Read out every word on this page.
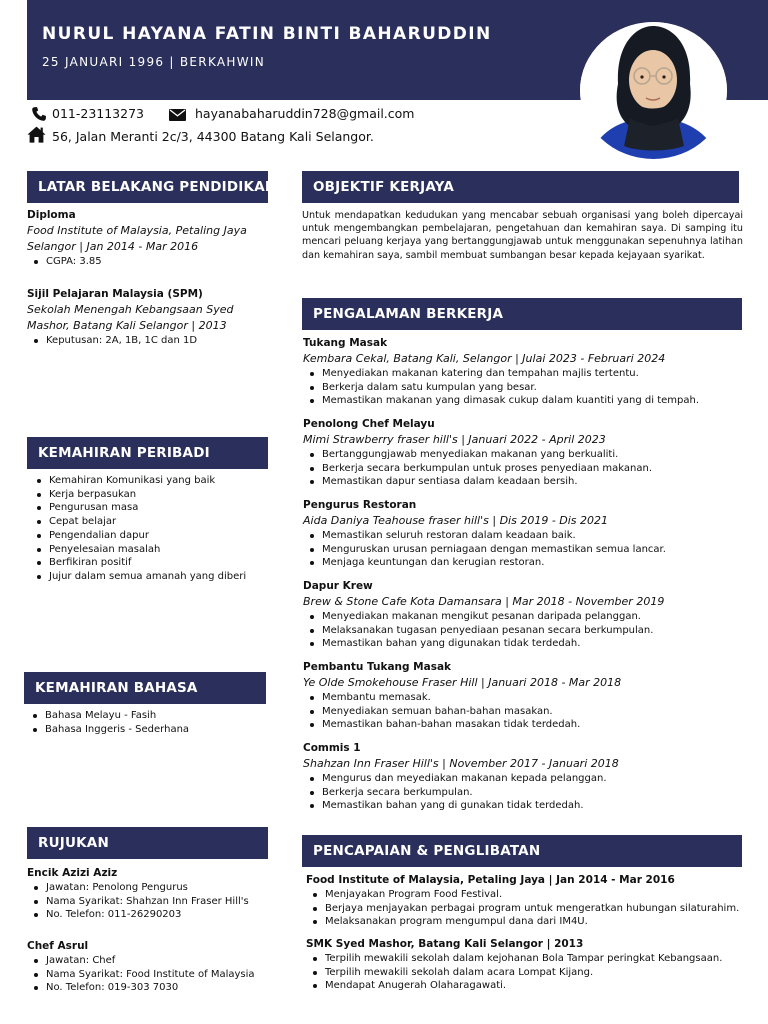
NURUL HAYANA FATIN BINTI BAHARUDDIN
25 JANUARI 1996 | BERKAHWIN
011-23113273	hayanabaharuddin728@gmail.com
56, Jalan Meranti 2c/3, 44300 Batang Kali Selangor.
LATAR BELAKANG PENDIDIKAN
Diploma
Food Institute of Malaysia, Petaling Jaya
Selangor | Jan 2014 - Mar 2016
CGPA: 3.85
Sijil Pelajaran Malaysia (SPM)
Sekolah Menengah Kebangsaan Syed
Mashor, Batang Kali Selangor | 2013
Keputusan: 2A, 1B, 1C dan 1D
KEMAHIRAN PERIBADI
Kemahiran Komunikasi yang baik
Kerja berpasukan
Pengurusan masa
Cepat belajar
Pengendalian dapur
Penyelesaian masalah
Berfikiran positif
Jujur dalam semua amanah yang diberi
KEMAHIRAN BAHASA
Bahasa Melayu - Fasih
Bahasa Inggeris - Sederhana
RUJUKAN
Encik Azizi Aziz
Jawatan: Penolong Pengurus
Nama Syarikat: Shahzan Inn Fraser Hill's
No. Telefon: 011-26290203
Chef Asrul
Jawatan: Chef
Nama Syarikat: Food Institute of Malaysia
No. Telefon: 019-303 7030
OBJEKTIF KERJAYA
Untuk mendapatkan kedudukan yang mencabar sebuah organisasi yang boleh dipercayai untuk mengembangkan pembelajaran, pengetahuan dan kemahiran saya. Di samping itu mencari peluang kerjaya yang bertanggungjawab untuk menggunakan sepenuhnya latihan dan kemahiran saya, sambil membuat sumbangan besar kepada kejayaan syarikat.
PENGALAMAN BERKERJA
Tukang Masak
Kembara Cekal, Batang Kali, Selangor | Julai 2023 - Februari 2024
Menyediakan makanan katering dan tempahan majlis tertentu.
Berkerja dalam satu kumpulan yang besar.
Memastikan makanan yang dimasak cukup dalam kuantiti yang di tempah.
Penolong Chef Melayu
Mimi Strawberry fraser hill's | Januari 2022 - April 2023
Bertanggungjawab menyediakan makanan yang berkualiti.
Berkerja secara berkumpulan untuk proses penyediaan makanan.
Memastikan dapur sentiasa dalam keadaan bersih.
Pengurus Restoran
Aida Daniya Teahouse fraser hill's | Dis 2019 - Dis 2021
Memastikan seluruh restoran dalam keadaan baik.
Menguruskan urusan perniagaan dengan memastikan semua lancar.
Menjaga keuntungan dan kerugian restoran.
Dapur Krew
Brew & Stone Cafe Kota Damansara | Mar 2018 - November 2019
Menyediakan makanan mengikut pesanan daripada pelanggan.
Melaksanakan tugasan penyediaan pesanan secara berkumpulan.
Memastikan bahan yang digunakan tidak terdedah.
Pembantu Tukang Masak
Ye Olde Smokehouse Fraser Hill | Januari 2018 - Mar 2018
Membantu memasak.
Menyediakan semuan bahan-bahan masakan.
Memastikan bahan-bahan masakan tidak terdedah.
Commis 1
Shahzan Inn Fraser Hill's | November 2017 - Januari 2018
Mengurus dan meyediakan makanan kepada pelanggan.
Berkerja secara berkumpulan.
Memastikan bahan yang di gunakan tidak terdedah.
PENCAPAIAN & PENGLIBATAN
Food Institute of Malaysia, Petaling Jaya | Jan 2014 - Mar 2016
Menjayakan Program Food Festival.
Berjaya menjayakan perbagai program untuk mengeratkan hubungan silaturahim.
Melaksanakan program mengumpul dana dari IM4U.
SMK Syed Mashor, Batang Kali Selangor | 2013
Terpilih mewakili sekolah dalam kejohanan Bola Tampar peringkat Kebangsaan.
Terpilih mewakili sekolah dalam acara Lompat Kijang.
Mendapat Anugerah Olaharagawati.
